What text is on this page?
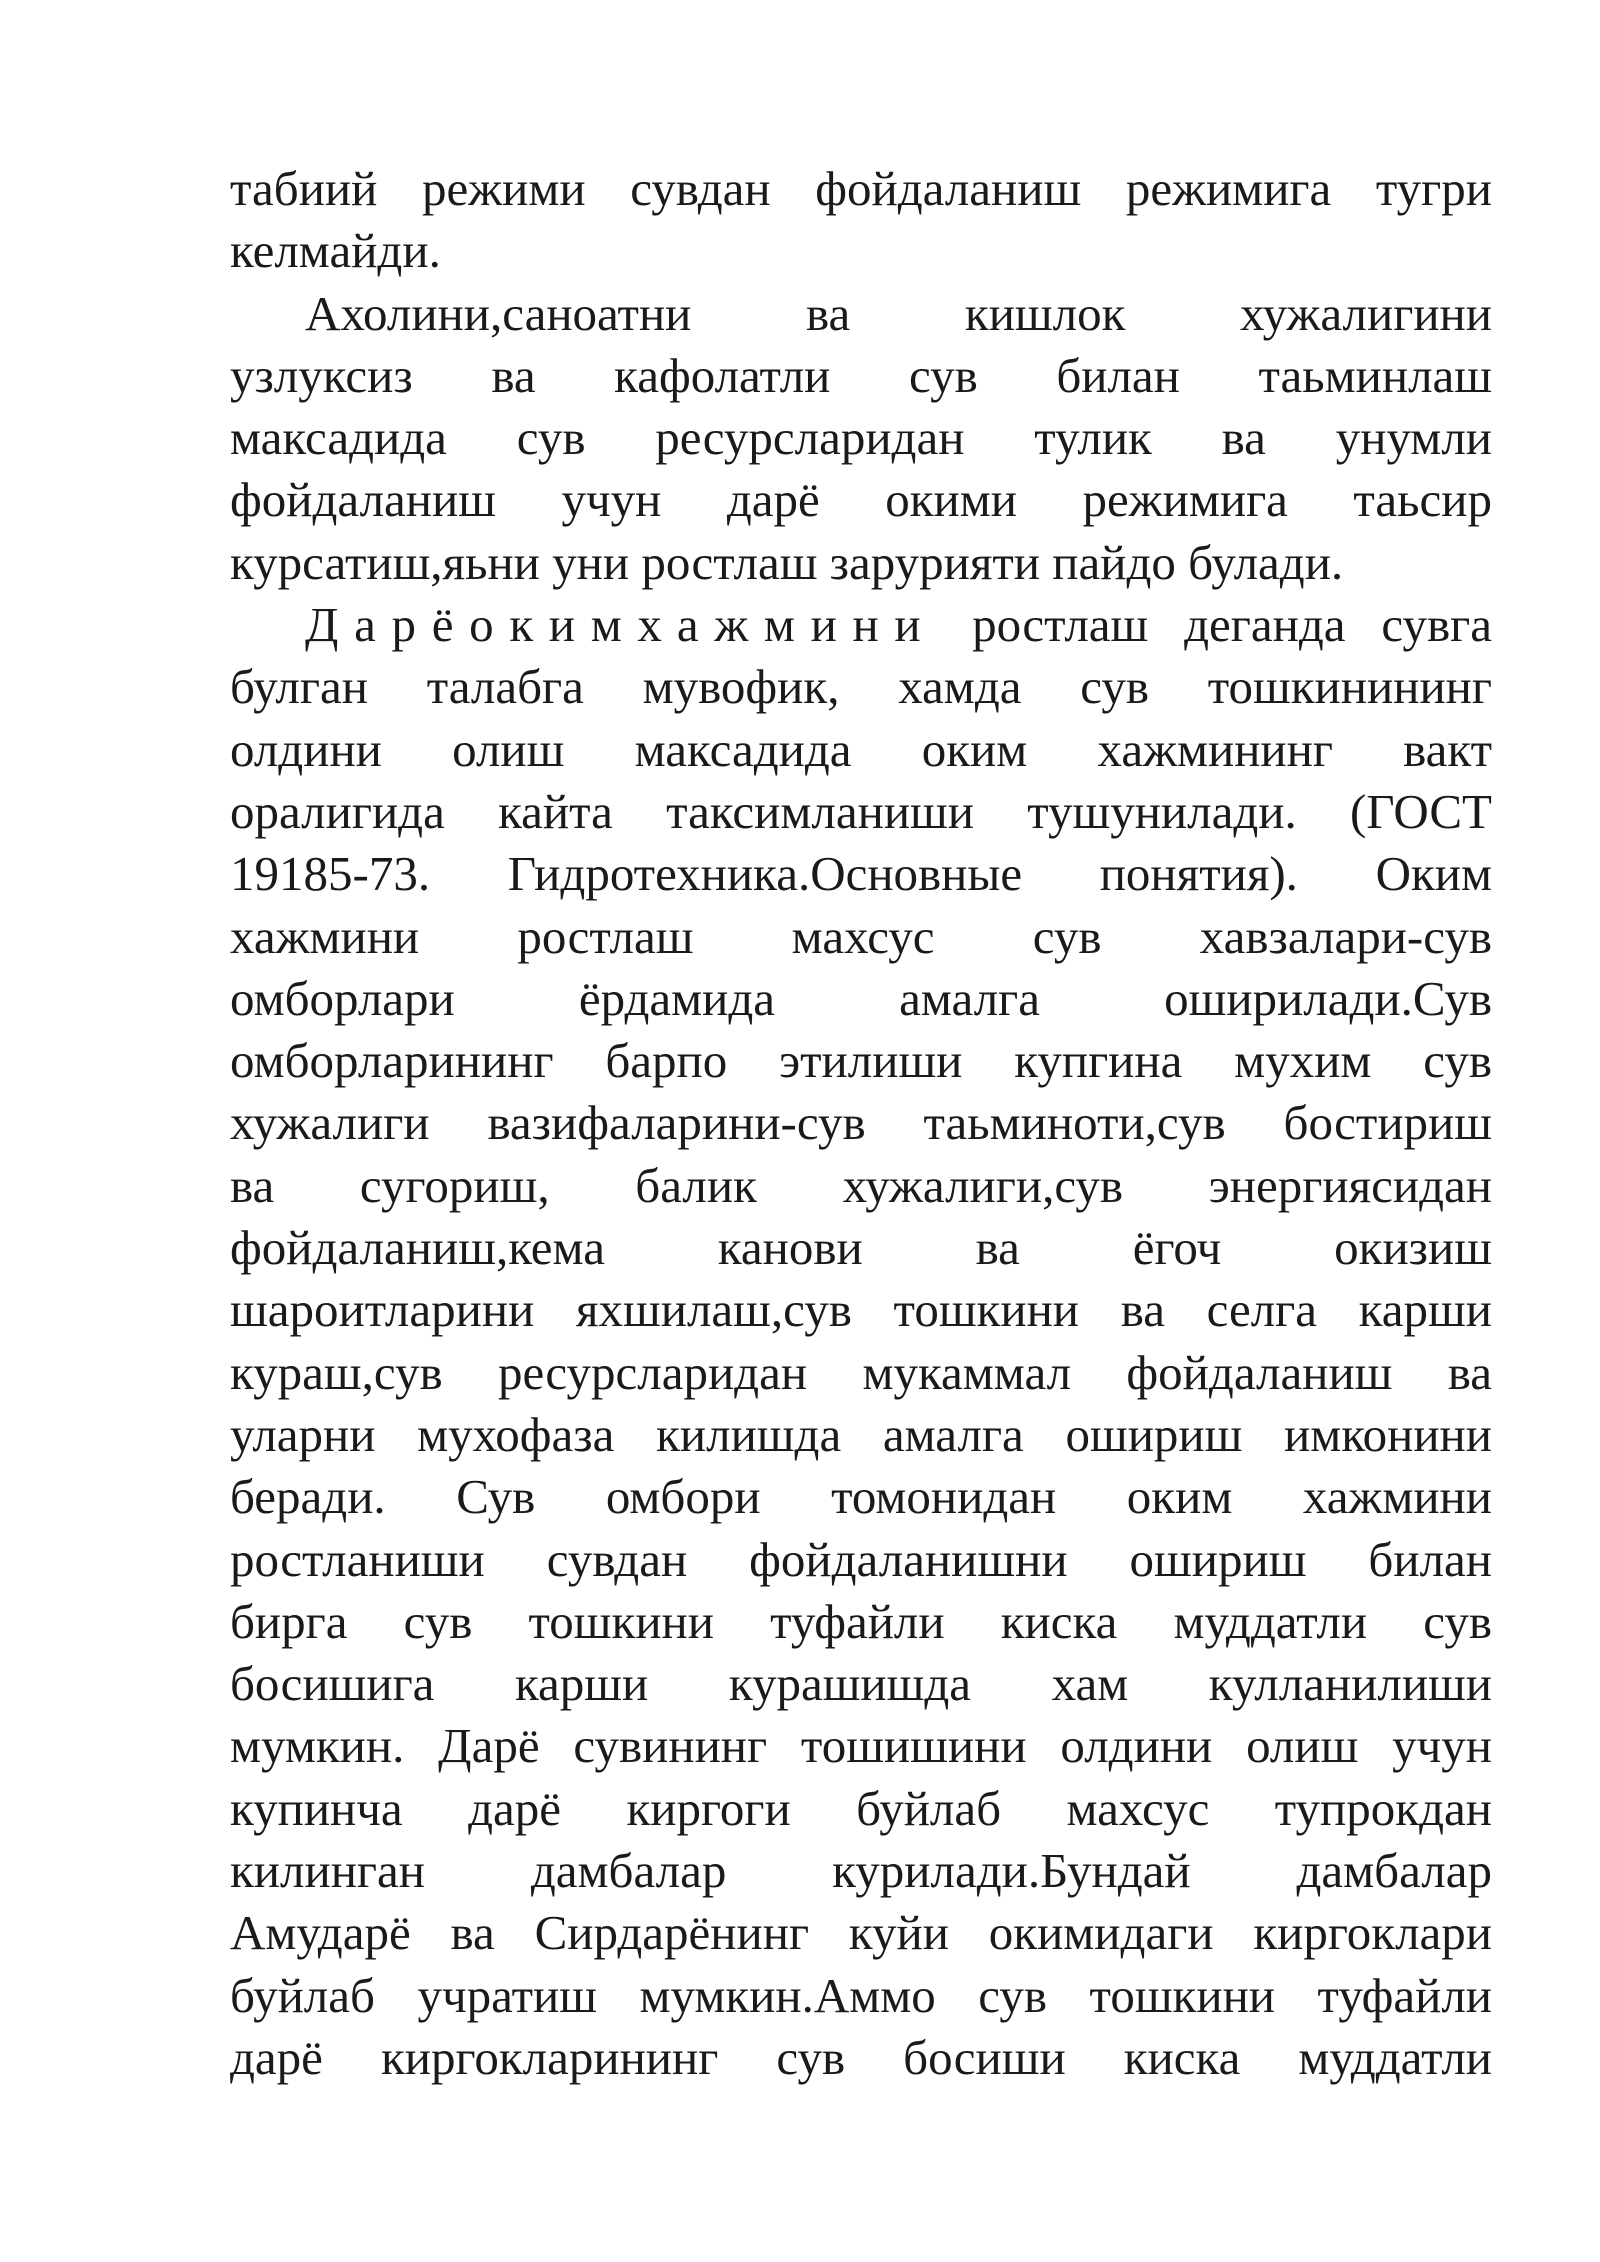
табиий режими сувдан фойдаланиш режимига тугри
келмайди.
Ахолини,саноатни ва кишлок хужалигини
узлуксиз ва кафолатли сув билан таьминлаш
максадида сув ресурсларидан тулик ва унумли
фойдаланиш учун дарё окими режимига таьсир
курсатиш,яьни уни ростлаш зарурияти пайдо булади.
Дарёокимхажмини ростлаш деганда сувга
булган талабга мувофик, хамда сув тошкинининг
олдини олиш максадида оким хажмининг вакт
оралигида кайта таксимланиши тушунилади. (ГОСТ
19185-73. Гидротехника.Основные понятия). Оким
хажмини ростлаш махсус сув хавзалари-сув
омборлари ёрдамида амалга оширилади.Сув
омборларининг барпо этилиши купгина мухим сув
хужалиги вазифаларини-сув таьминоти,сув бостириш
ва сугориш, балик хужалиги,сув энергиясидан
фойдаланиш,кема канови ва ёгоч окизиш
шароитларини яхшилаш,сув тошкини ва селга карши
кураш,сув ресурсларидан мукаммал фойдаланиш ва
уларни мухофаза килишда амалга ошириш имконини
беради. Сув омбори томонидан оким хажмини
ростланиши сувдан фойдаланишни ошириш билан
бирга сув тошкини туфайли киска муддатли сув
босишига карши курашишда хам кулланилиши
мумкин. Дарё сувининг тошишини олдини олиш учун
купинча дарё киргоги буйлаб махсус тупрокдан
килинган дамбалар курилади.Бундай дамбалар
Амударё ва Сирдарёнинг куйи окимидаги киргоклари
буйлаб учратиш мумкин.Аммо сув тошкини туфайли
дарё киргокларининг сув босиши киска муддатли
